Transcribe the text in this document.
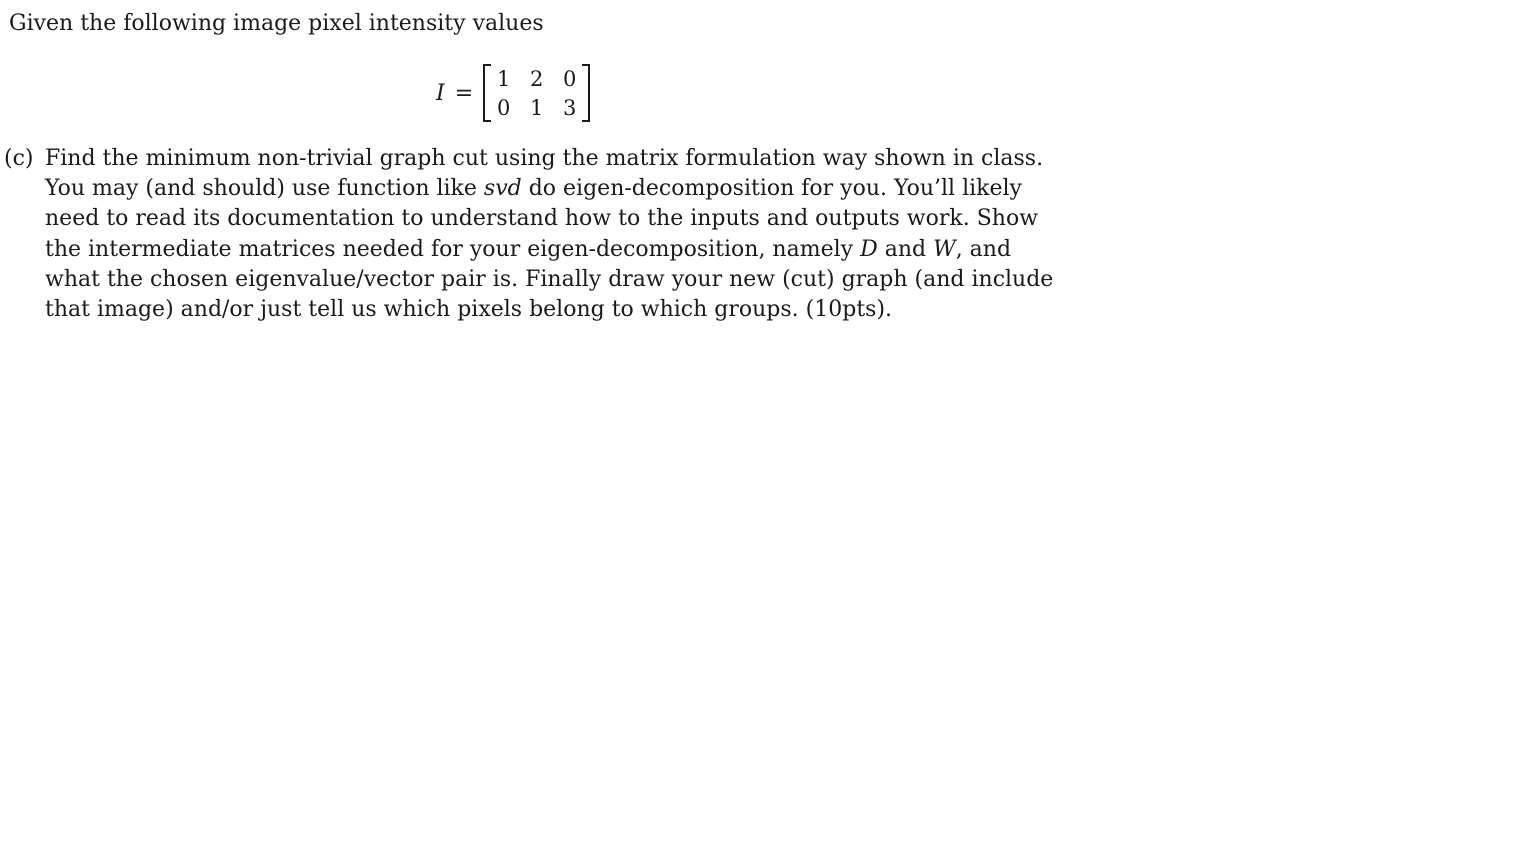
Given the following image pixel intensity values

I =
1 2 0
0 1 3
(c) Find the minimum non-trivial graph cut using the matrix formulation way shown in class.
You may (and should) use function like svd do eigen-decomposition for you. You’ll likely
need to read its documentation to understand how to the inputs and outputs work. Show
the intermediate matrices needed for your eigen-decomposition, namely D and W, and
what the chosen eigenvalue/vector pair is. Finally draw your new (cut) graph (and include
that image) and/or just tell us which pixels belong to which groups. (10pts).
